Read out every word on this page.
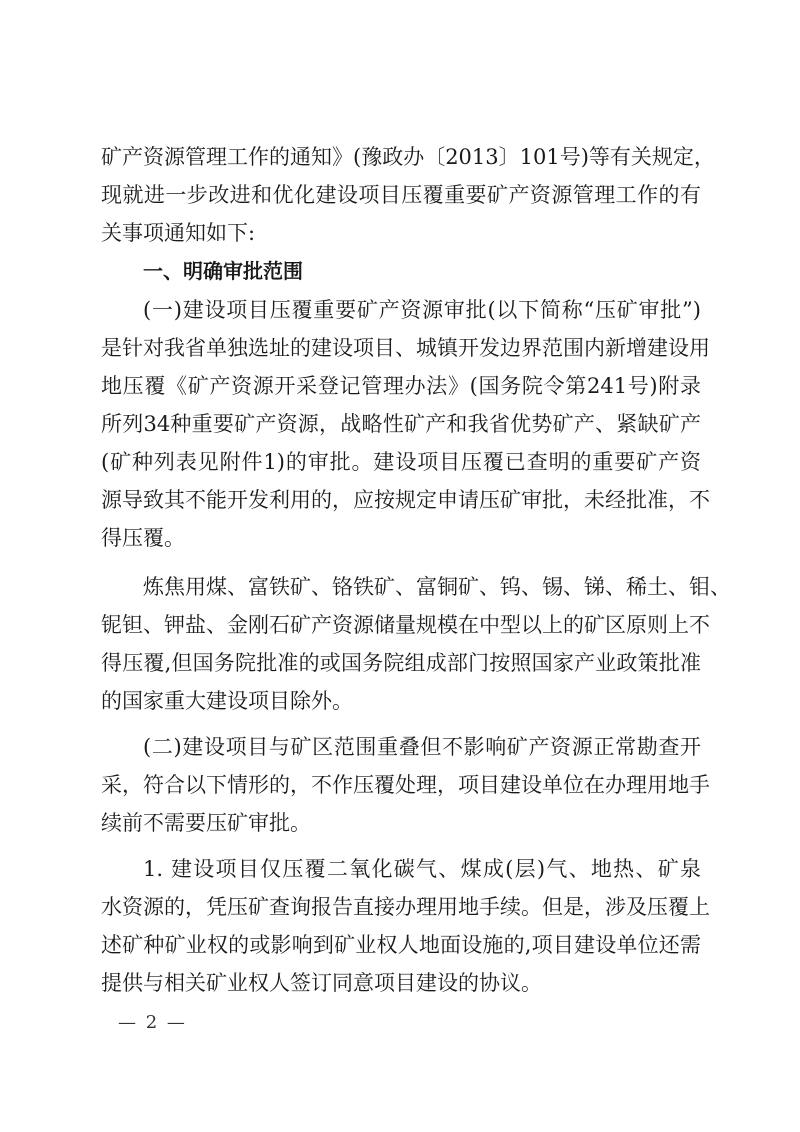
矿产资源管理工作的通知》(豫政办〔2013〕101号)等有关规定，
现就进一步改进和优化建设项目压覆重要矿产资源管理工作的有
关事项通知如下:
一、明确审批范围
(一)建设项目压覆重要矿产资源审批(以下简称“压矿审批”)
是针对我省单独选址的建设项目、城镇开发边界范围内新增建设用
地压覆《矿产资源开采登记管理办法》(国务院令第241号)附录
所列34种重要矿产资源，战略性矿产和我省优势矿产、紧缺矿产
(矿种列表见附件1)的审批。建设项目压覆已查明的重要矿产资
源导致其不能开发利用的，应按规定申请压矿审批，未经批准，不
得压覆。
炼焦用煤、富铁矿、铬铁矿、富铜矿、钨、锡、锑、稀土、钼、
铌钽、钾盐、金刚石矿产资源储量规模在中型以上的矿区原则上不
得压覆,但国务院批准的或国务院组成部门按照国家产业政策批准
的国家重大建设项目除外。
(二)建设项目与矿区范围重叠但不影响矿产资源正常勘查开
采，符合以下情形的，不作压覆处理，项目建设单位在办理用地手
续前不需要压矿审批。
1. 建设项目仅压覆二氧化碳气、煤成(层)气、地热、矿泉
水资源的，凭压矿查询报告直接办理用地手续。但是，涉及压覆上
述矿种矿业权的或影响到矿业权人地面设施的,项目建设单位还需
提供与相关矿业权人签订同意项目建设的协议。
— 2 —
